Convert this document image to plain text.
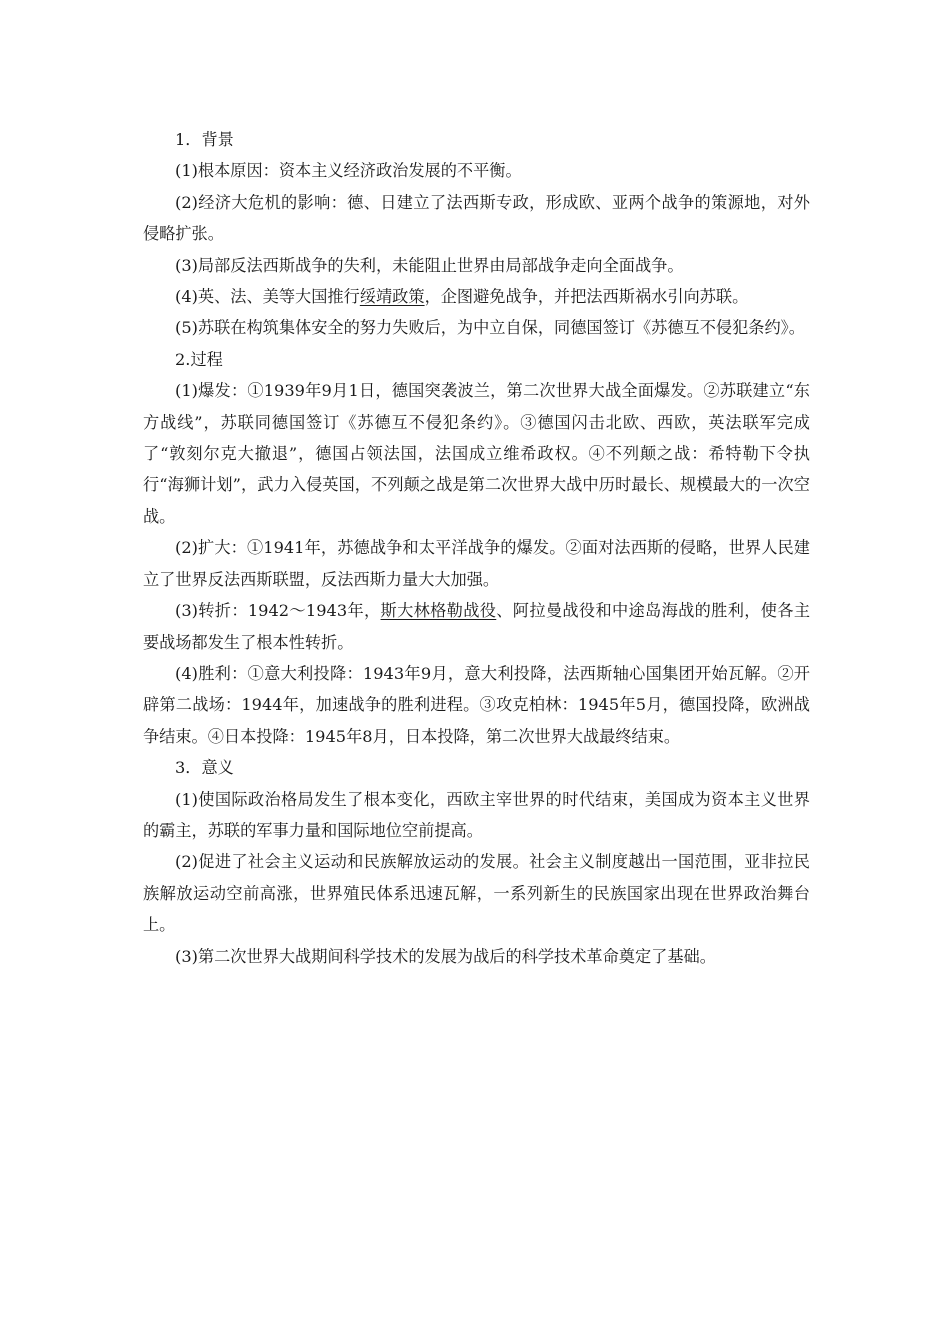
1．背景

(1)根本原因：资本主义经济政治发展的不平衡。

(2)经济大危机的影响：德、日建立了法西斯专政，形成欧、亚两个战争的策源地，对外侵略扩张。

(3)局部反法西斯战争的失利，未能阻止世界由局部战争走向全面战争。

(4)英、法、美等大国推行绥靖政策，企图避免战争，并把法西斯祸水引向苏联。

(5)苏联在构筑集体安全的努力失败后，为中立自保，同德国签订《苏德互不侵犯条约》。

2.过程

(1)爆发：①1939年9月1日，德国突袭波兰，第二次世界大战全面爆发。②苏联建立“东方战线”，苏联同德国签订《苏德互不侵犯条约》。③德国闪击北欧、西欧，英法联军完成了“敦刻尔克大撤退”，德国占领法国，法国成立维希政权。④不列颠之战：希特勒下令执行“海狮计划”，武力入侵英国，不列颠之战是第二次世界大战中历时最长、规模最大的一次空战。

(2)扩大：①1941年，苏德战争和太平洋战争的爆发。②面对法西斯的侵略，世界人民建立了世界反法西斯联盟，反法西斯力量大大加强。

(3)转折：1942～1943年，斯大林格勒战役、阿拉曼战役和中途岛海战的胜利，使各主要战场都发生了根本性转折。

(4)胜利：①意大利投降：1943年9月，意大利投降，法西斯轴心国集团开始瓦解。②开辟第二战场：1944年，加速战争的胜利进程。③攻克柏林：1945年5月，德国投降，欧洲战争结束。④日本投降：1945年8月，日本投降，第二次世界大战最终结束。

3．意义

(1)使国际政治格局发生了根本变化，西欧主宰世界的时代结束，美国成为资本主义世界的霸主，苏联的军事力量和国际地位空前提高。

(2)促进了社会主义运动和民族解放运动的发展。社会主义制度越出一国范围，亚非拉民族解放运动空前高涨，世界殖民体系迅速瓦解，一系列新生的民族国家出现在世界政治舞台上。

(3)第二次世界大战期间科学技术的发展为战后的科学技术革命奠定了基础。
